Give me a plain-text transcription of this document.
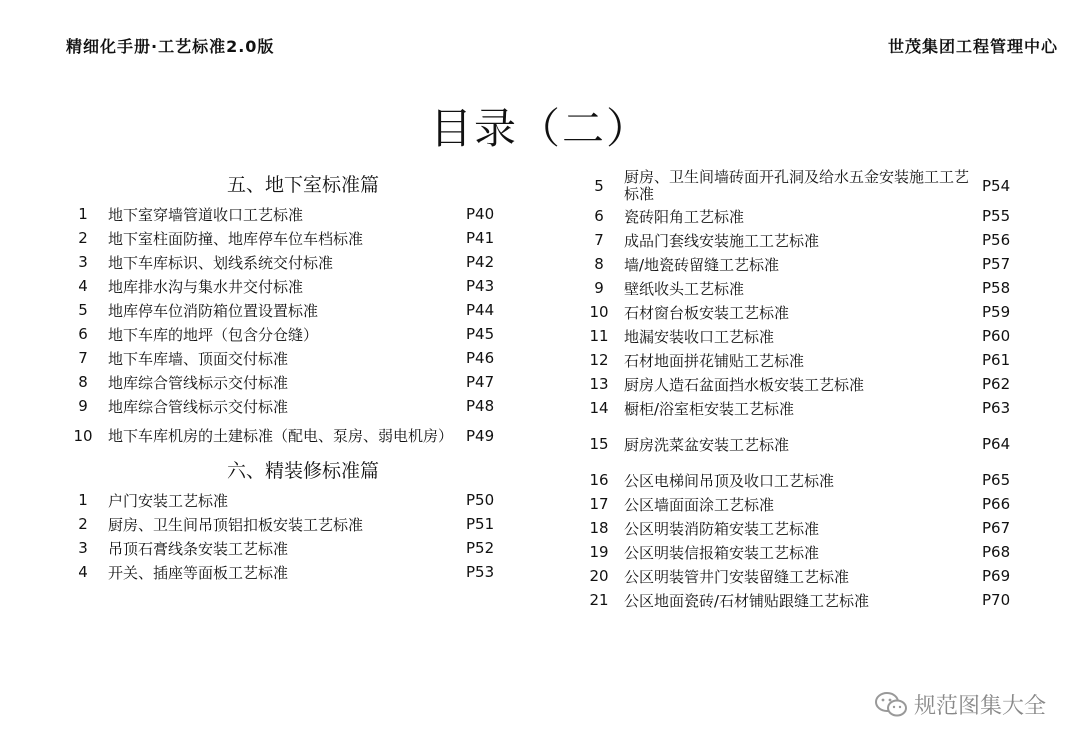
精细化手册·工艺标准2.0版	世茂集团工程管理中心
目录（二）
五、地下室标准篇
1	地下室穿墙管道收口工艺标准	P40
2	地下室柱面防撞、地库停车位车档标准	P41
3	地下车库标识、划线系统交付标准	P42
4	地库排水沟与集水井交付标准	P43
5	地库停车位消防箱位置设置标准	P44
6	地下车库的地坪（包含分仓缝）	P45
7	地下车库墙、顶面交付标准	P46
8	地库综合管线标示交付标准	P47
9	地库综合管线标示交付标准	P48
10	地下车库机房的土建标准（配电、泵房、弱电机房） P49
六、精装修标准篇
1	户门安装工艺标准	P50
2	厨房、卫生间吊顶铝扣板安装工艺标准	P51
3	吊顶石膏线条安装工艺标准	P52
4	开关、插座等面板工艺标准	P53
5	厨房、卫生间墙砖面开孔洞及给水五金安装施工工艺标准	P54
6	瓷砖阳角工艺标准	P55
7	成品门套线安装施工工艺标准	P56
8	墙/地瓷砖留缝工艺标准	P57
9	壁纸收头工艺标准	P58
10	石材窗台板安装工艺标准	P59
11	地漏安装收口工艺标准	P60
12	石材地面拼花铺贴工艺标准	P61
13	厨房人造石盆面挡水板安装工艺标准	P62
14	橱柜/浴室柜安装工艺标准	P63
15	厨房洗菜盆安装工艺标准	P64
16	公区电梯间吊顶及收口工艺标准	P65
17	公区墙面面涂工艺标准	P66
18	公区明装消防箱安装工艺标准	P67
19	公区明装信报箱安装工艺标准	P68
20	公区明装管井门安装留缝工艺标准	P69
21	公区地面瓷砖/石材铺贴跟缝工艺标准	P70
规范图集大全
